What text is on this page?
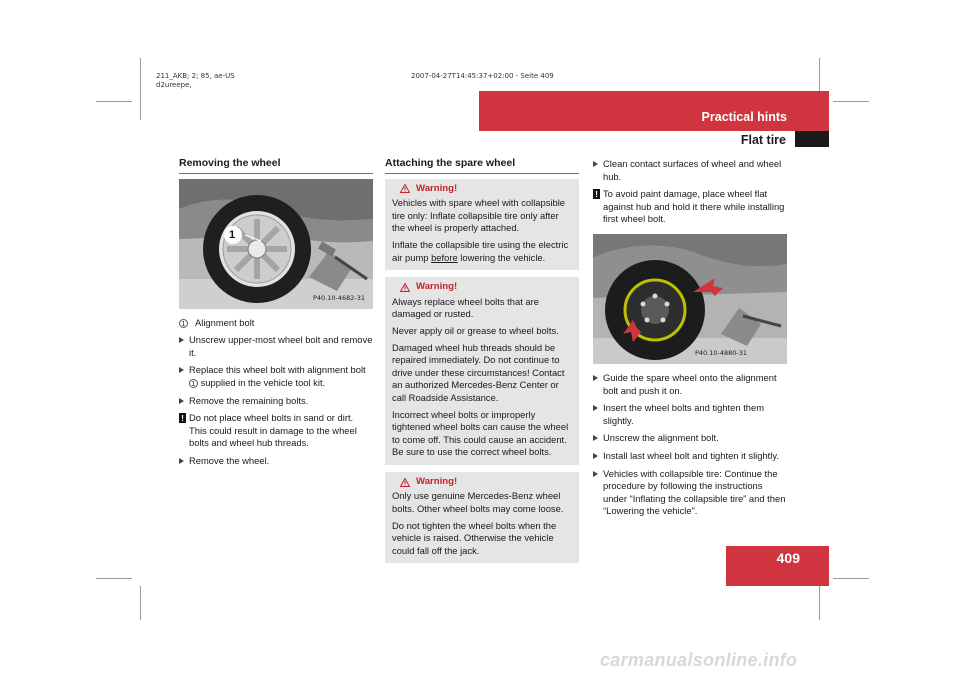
211_AKB; 2; 85, ae-US
d2ureepe,
2007-04-27T14:45:37+02:00 - Seite 409
Practical hints
Flat tire
409
Removing the wheel
1
P40.10-4682-31
1 Alignment bolt
Unscrew upper-most wheel bolt and remove it.
Replace this wheel bolt with alignment bolt 1 supplied in the vehicle tool kit.
Remove the remaining bolts.
! Do not place wheel bolts in sand or dirt. This could result in damage to the wheel bolts and wheel hub threads.
Remove the wheel.
Attaching the spare wheel
Warning!

Vehicles with spare wheel with collapsible tire only: Inflate collapsible tire only after the wheel is properly attached.

Inflate the collapsible tire using the electric air pump before lowering the vehicle.

Warning!

Always replace wheel bolts that are damaged or rusted.

Never apply oil or grease to wheel bolts.

Damaged wheel hub threads should be repaired immediately. Do not continue to drive under these circumstances! Contact an authorized Mercedes-Benz Center or call Roadside Assistance.

Incorrect wheel bolts or improperly tightened wheel bolts can cause the wheel to come off. This could cause an accident. Be sure to use the correct wheel bolts.

Warning!

Only use genuine Mercedes-Benz wheel bolts. Other wheel bolts may come loose.

Do not tighten the wheel bolts when the vehicle is raised. Otherwise the vehicle could fall off the jack.

Clean contact surfaces of wheel and wheel hub.
! To avoid paint damage, place wheel flat against hub and hold it there while installing first wheel bolt.
P40.10-4880-31
Guide the spare wheel onto the alignment bolt and push it on.
Insert the wheel bolts and tighten them slightly.
Unscrew the alignment bolt.
Install last wheel bolt and tighten it slightly.
Vehicles with collapsible tire: Continue the procedure by following the instructions under “Inflating the collapsible tire” and then “Lowering the vehicle”.
carmanualsonline.info
